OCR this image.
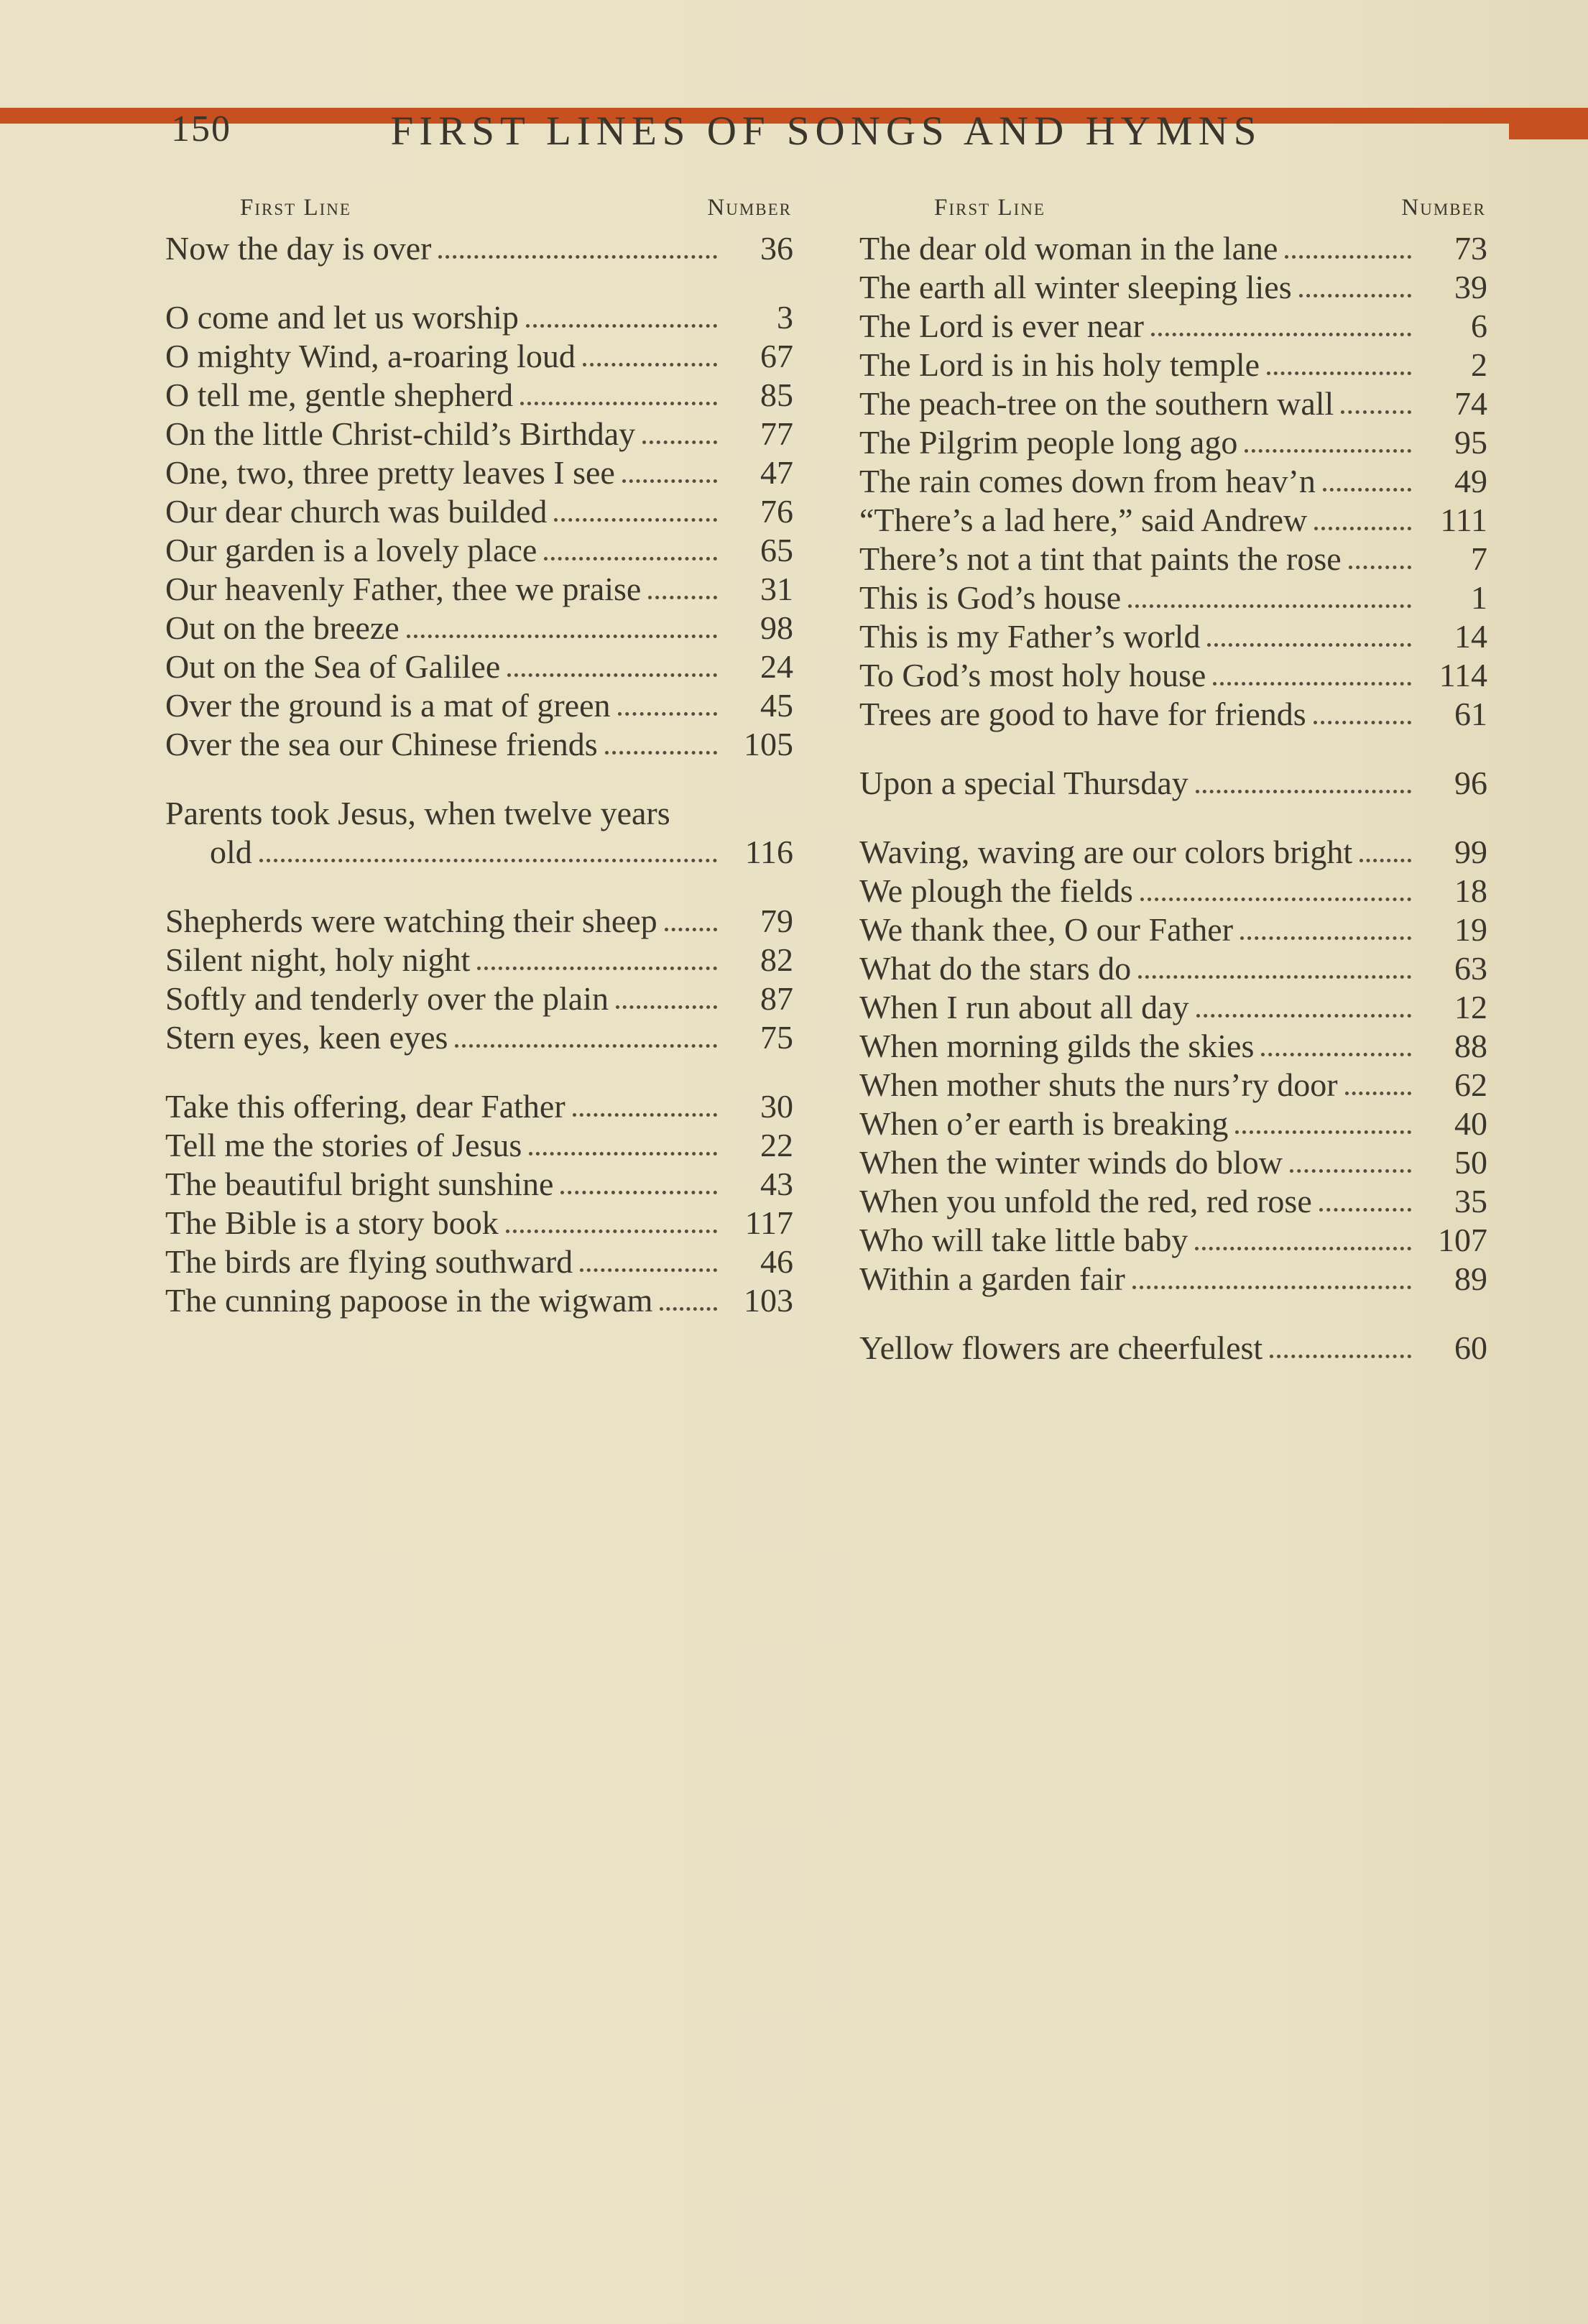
150	FIRST LINES OF SONGS AND HYMNS
First Line	Number
Now the day is over	36
O come and let us worship	3
O mighty Wind, a-roaring loud	67
O tell me, gentle shepherd	85
On the little Christ-child’s Birthday	77
One, two, three pretty leaves I see	47
Our dear church was builded	76
Our garden is a lovely place	65
Our heavenly Father, thee we praise	31
Out on the breeze	98
Out on the Sea of Galilee	24
Over the ground is a mat of green	45
Over the sea our Chinese friends	105
Parents took Jesus, when twelve years
old	116
Shepherds were watching their sheep	79
Silent night, holy night	82
Softly and tenderly over the plain	87
Stern eyes, keen eyes	75
Take this offering, dear Father	30
Tell me the stories of Jesus	22
The beautiful bright sunshine	43
The Bible is a story book	117
The birds are flying southward	46
The cunning papoose in the wigwam	103
First Line	Number
The dear old woman in the lane	73
The earth all winter sleeping lies	39
The Lord is ever near	6
The Lord is in his holy temple	2
The peach-tree on the southern wall	74
The Pilgrim people long ago	95
The rain comes down from heav’n	49
“There’s a lad here,” said Andrew	111
There’s not a tint that paints the rose	7
This is God’s house	1
This is my Father’s world	14
To God’s most holy house	114
Trees are good to have for friends	61
Upon a special Thursday	96
Waving, waving are our colors bright	99
We plough the fields	18
We thank thee, O our Father	19
What do the stars do	63
When I run about all day	12
When morning gilds the skies	88
When mother shuts the nurs’ry door	62
When o’er earth is breaking	40
When the winter winds do blow	50
When you unfold the red, red rose	35
Who will take little baby	107
Within a garden fair	89
Yellow flowers are cheerfulest	60
